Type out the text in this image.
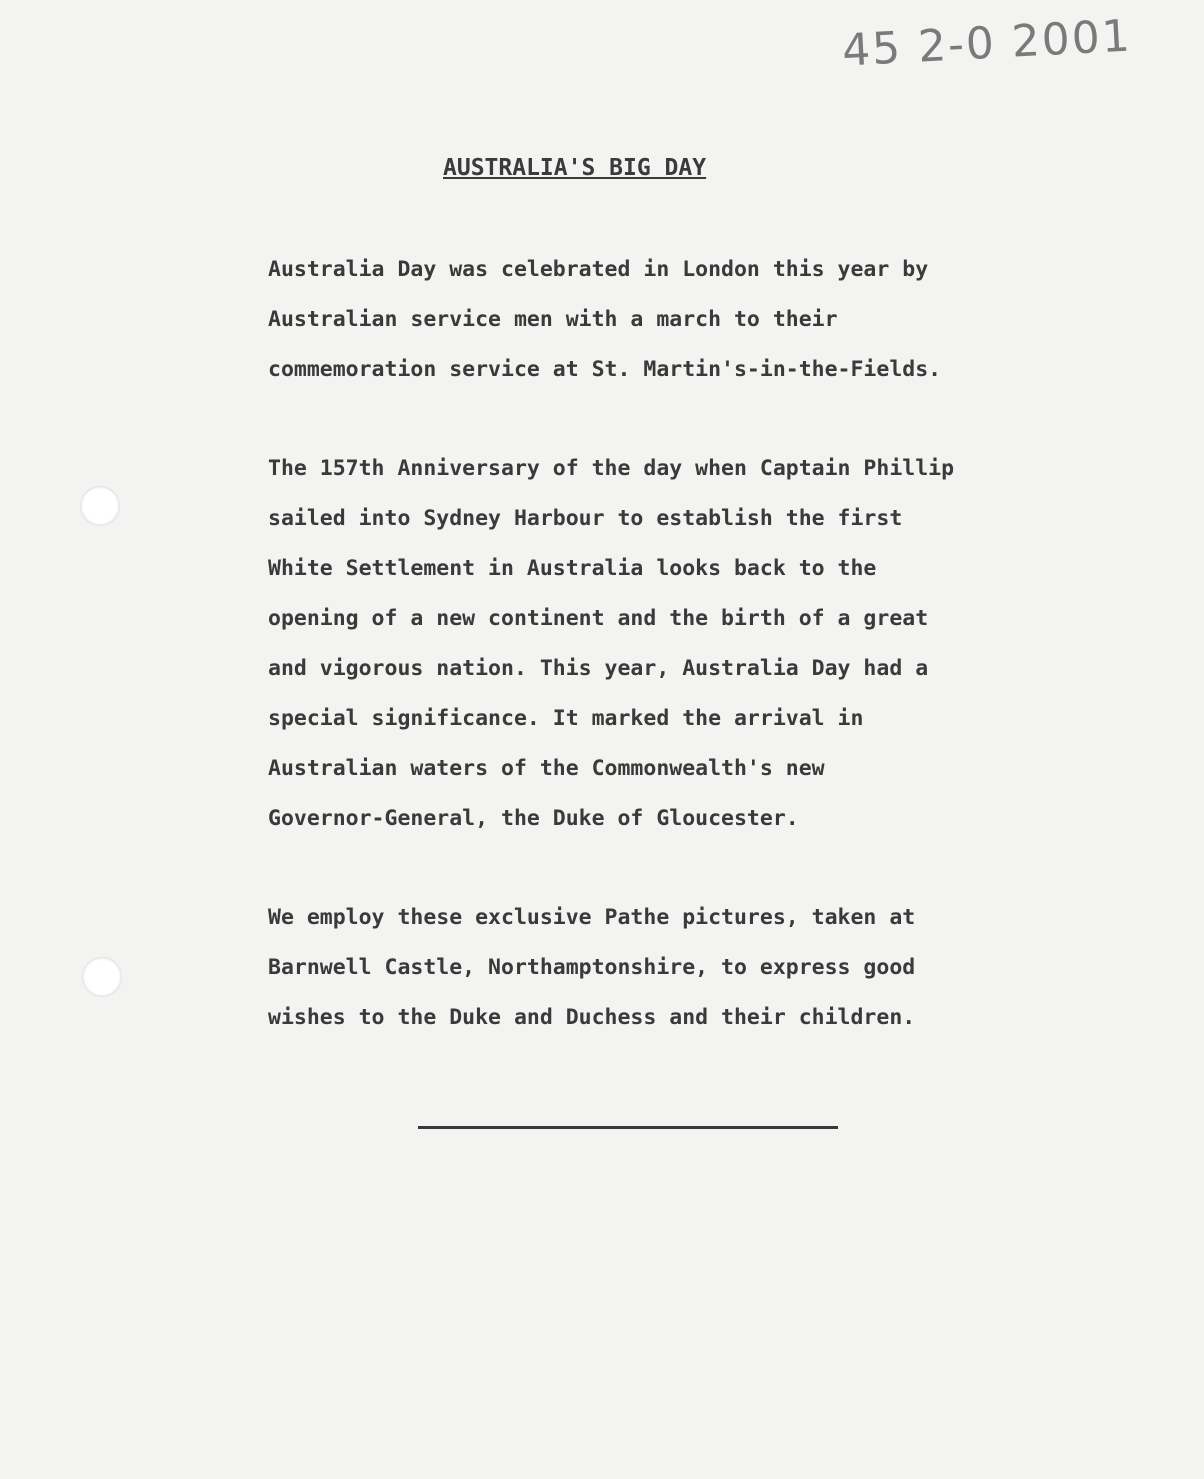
45 2-0 2001
AUSTRALIA'S BIG DAY

Australia Day was celebrated in London this year by
Australian service men with a march to their
commemoration service at St. Martin's-in-the-Fields.

The 157th Anniversary of the day when Captain Phillip
sailed into Sydney Harbour to establish the first
White Settlement in Australia looks back to the
opening of a new continent and the birth of a great
and vigorous nation. This year, Australia Day had a
special significance. It marked the arrival in
Australian waters of the Commonwealth's new
Governor-General, the Duke of Gloucester.

We employ these exclusive Pathe pictures, taken at
Barnwell Castle, Northamptonshire, to express good
wishes to the Duke and Duchess and their children.
